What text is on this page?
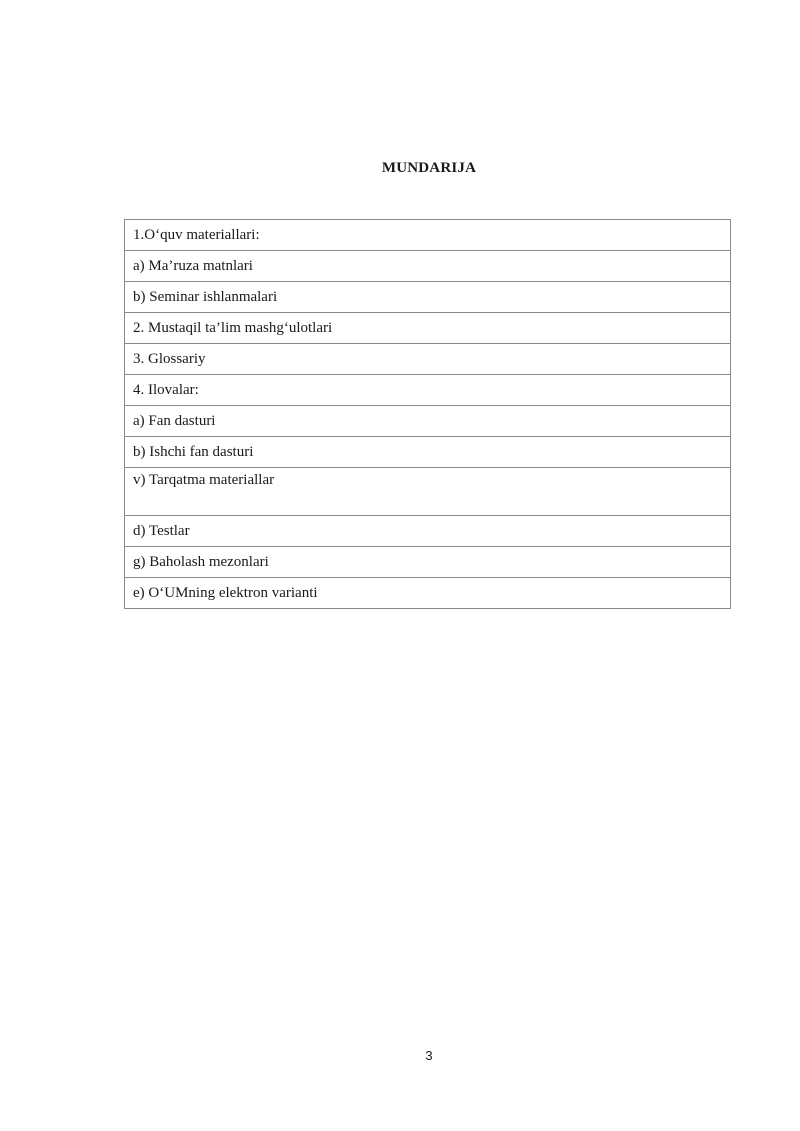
MUNDARIJA
1.O‘quv materiallari:
a) Ma’ruza matnlari
b) Seminar ishlanmalari
2. Mustaqil ta’lim mashg‘ulotlari
3. Glossariy
4. Ilovalar:
a) Fan dasturi
b) Ishchi fan dasturi
v) Tarqatma materiallar
d) Testlar
g) Baholash mezonlari
e) O‘UMning elektron varianti
3
